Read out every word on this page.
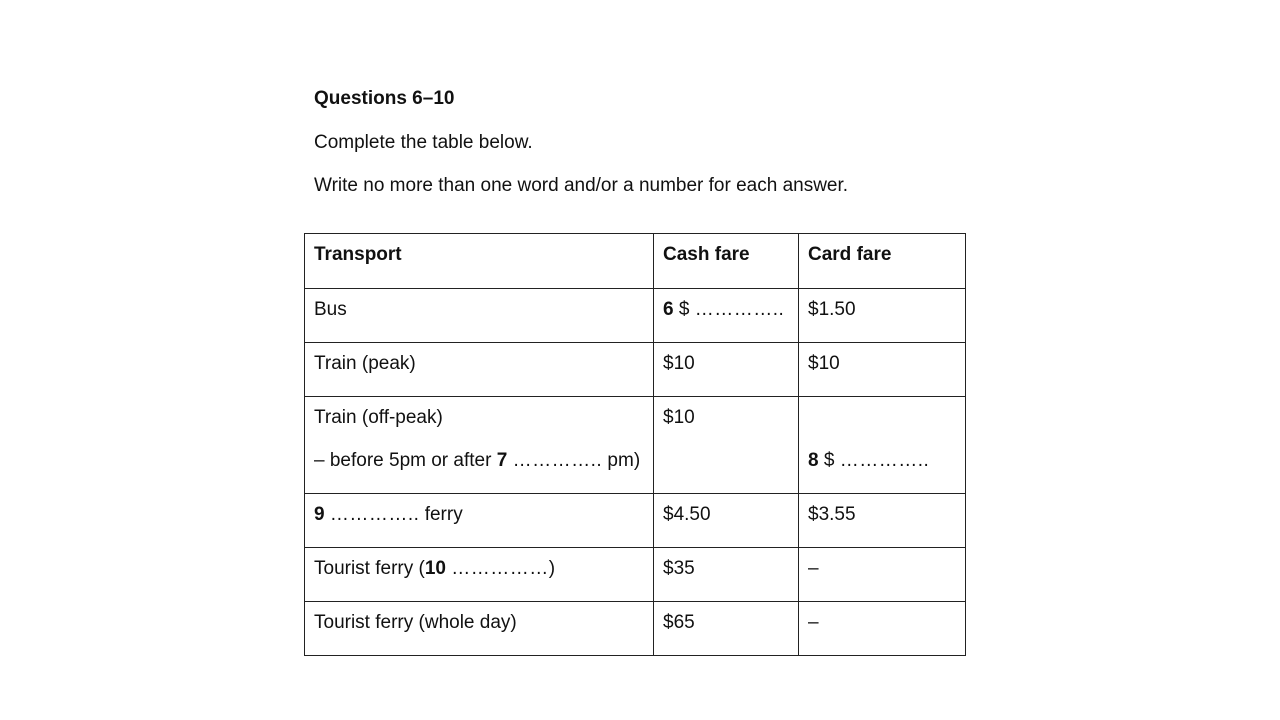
Questions 6–10
Complete the table below.
Write no more than one word and/or a number for each answer.
Transport	Cash fare	Card fare
Bus	6 $ …………..	$1.50
Train (peak)	$10	$10
Train (off-peak)
– before 5pm or after 7 ………….. pm)	$10	8 $ …………..

9 ………….. ferry	$4.50	$3.55
Tourist ferry (10 ……………)	$35	–
Tourist ferry (whole day)	$65	–
